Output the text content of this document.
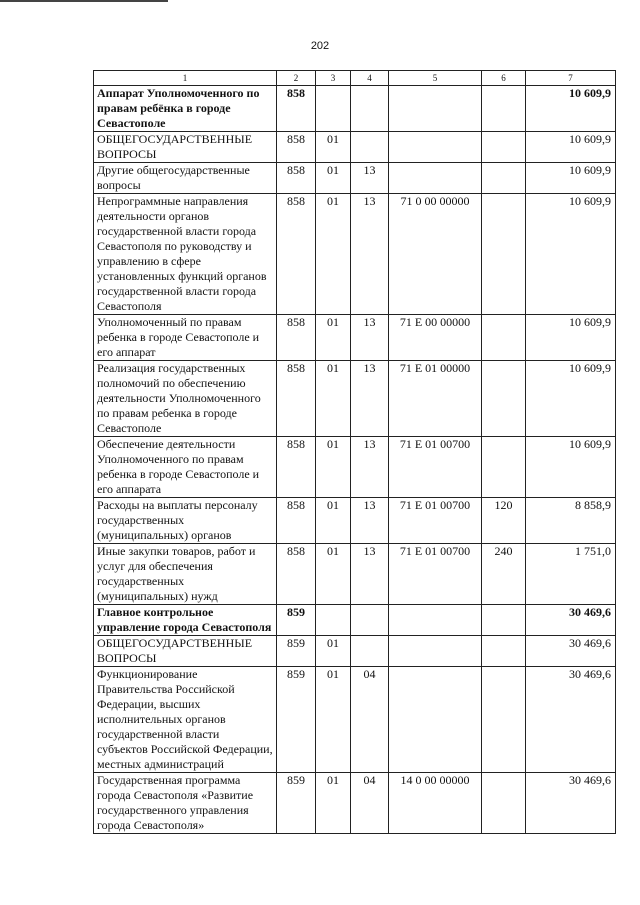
202
1	2	3	4	5	6	7
Аппарат Уполномоченного по правам ребёнка в городе Севастополе	858					10 609,9
ОБЩЕГОСУДАРСТВЕННЫЕ ВОПРОСЫ	858	01				10 609,9
Другие общегосударственные вопросы	858	01	13			10 609,9
Непрограммные направления деятельности органов государственной власти города Севастополя по руководству и управлению в сфере установленных функций органов государственной власти города Севастополя	858	01	13	71 0 00 00000		10 609,9
Уполномоченный по правам ребенка в городе Севастополе и его аппарат	858	01	13	71 Е 00 00000		10 609,9
Реализация государственных полномочий по обеспечению деятельности Уполномоченного по правам ребенка в городе Севастополе	858	01	13	71 Е 01 00000		10 609,9
Обеспечение деятельности Уполномоченного по правам ребенка в городе Севастополе и его аппарата	858	01	13	71 Е 01 00700		10 609,9
Расходы на выплаты персоналу государственных (муниципальных) органов	858	01	13	71 Е 01 00700	120	8 858,9
Иные закупки товаров, работ и услуг для обеспечения государственных (муниципальных) нужд	858	01	13	71 Е 01 00700	240	1 751,0
Главное контрольное управление города Севастополя	859					30 469,6
ОБЩЕГОСУДАРСТВЕННЫЕ ВОПРОСЫ	859	01				30 469,6
Функционирование Правительства Российской Федерации, высших исполнительных органов государственной власти субъектов Российской Федерации, местных администраций	859	01	04			30 469,6
Государственная программа города Севастополя «Развитие государственного управления города Севастополя»	859	01	04	14 0 00 00000		30 469,6
